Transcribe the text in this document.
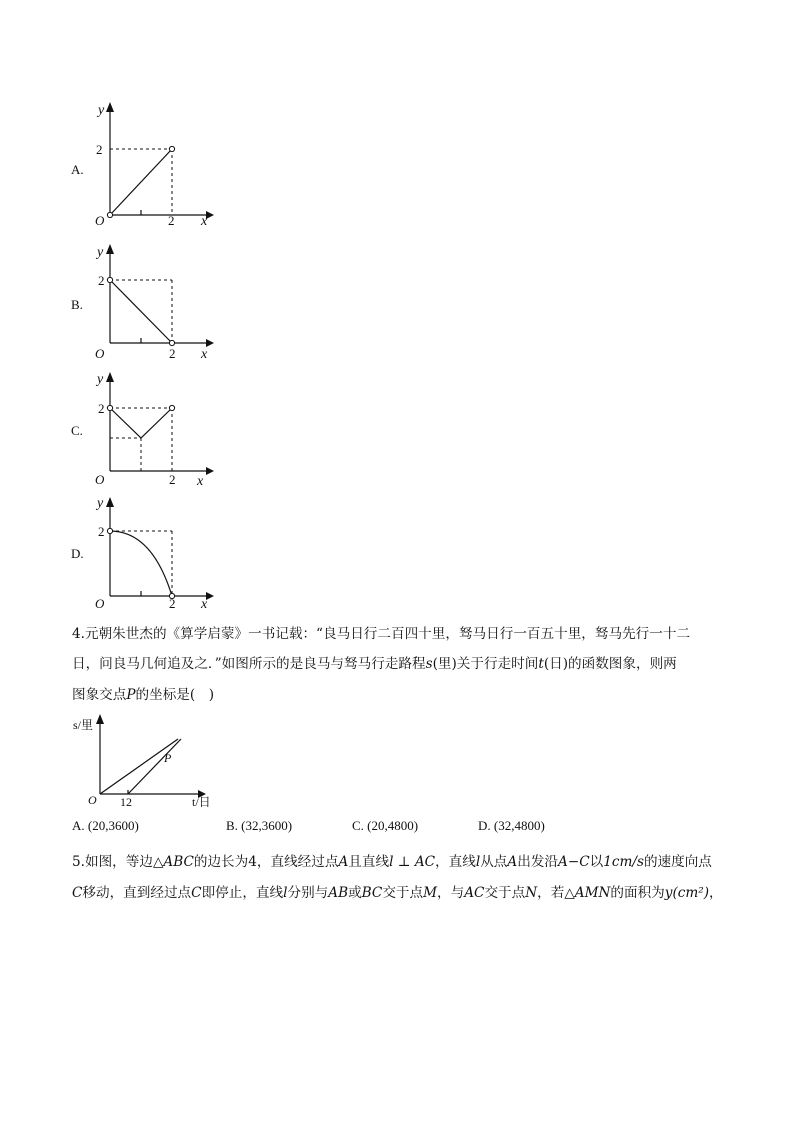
A.
y
2
O	2 x
B.
y
2
O	2 x
C.
y
2
O	2 x
D.
y
2
O	2 x
4.元朝朱世杰的《算学启蒙》一书记载：“良马日行二百四十里，驽马日行一百五十里，驽马先行一十二
日，问良马几何追及之．”如图所示的是良马与驽马行走路程s(里)关于行走时间t(日)的函数图象，则两
图象交点P的坐标是(　)
s/里
P
O 12	t/日
A. (20,3600)	B. (32,3600)	C. (20,4800)	D. (32,4800)
5.如图，等边△ABC的边长为4，直线经过点A且直线l ⊥ AC，直线l从点A出发沿A−C以1cm/s的速度向点
C移动，直到经过点C即停止，直线l分别与AB或BC交于点M，与AC交于点N，若△AMN的面积为y(cm²)，
